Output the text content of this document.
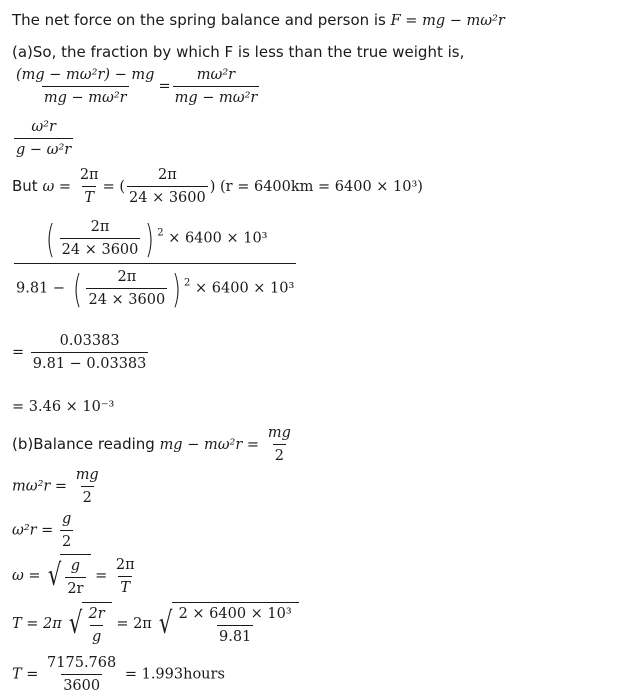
The net force on the spring balance and person is F = mg − mω²r
(a)So, the fraction by which F is less than the true weight is,
$\frac{\text{(mg − mω²r) − mg}}{\text{mg − mω²r}} = \frac{\text{mω²r}}{\text{mg − mω²r}}$
$\frac{\text{ω²r}}{\text{g − ω²r}}$
But $\omega = \frac{2\pi}{T}$ = ( $\frac{2\pi}{24 \times 3600}$ ) (r = 6400km = 6400 × 10³)
$\frac{( \frac{2\pi}{24 \times 3600} ) ^2 \times 6400 \times 10^3}{9.81 - ( \frac{2\pi}{24 \times 3600} ) ^2 \times 6400 \times 10^3}$
= $\frac{0.03383}{9.81 - 0.03383}$
= 3.46 × 10⁻³
(b)Balance reading mg − $m\omega^2r = \frac{mg}{2}$
$m\omega^2r = \frac{mg}{2}$
$\omega^2r = \frac{g}{2}$
ω = √ $\frac{g}{2r} = \frac{2\pi}{T}$
T = 2π √ $\frac{2r}{g} = 2\pi$ √ $\frac{\text{2 × 6400 × 10³}}{9.81}$
$T = \frac{7175.768}{3600}$ = 1.993hours
